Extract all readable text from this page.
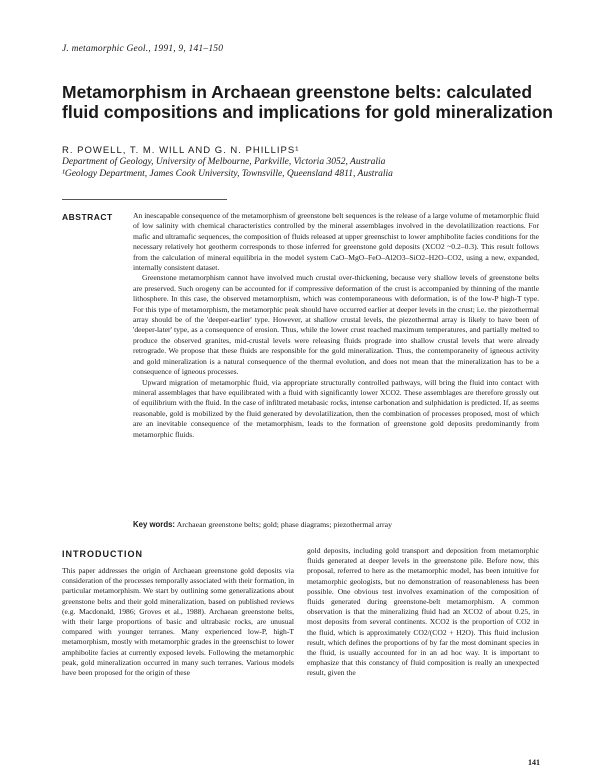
J. metamorphic Geol., 1991, 9, 141–150
Metamorphism in Archaean greenstone belts: calculated fluid compositions and implications for gold mineralization
R. POWELL, T. M. WILL AND G. N. PHILLIPS¹
Department of Geology, University of Melbourne, Parkville, Victoria 3052, Australia
¹Geology Department, James Cook University, Townsville, Queensland 4811, Australia
ABSTRACT	An inescapable consequence of the metamorphism of greenstone belt sequences is the release of a large volume of metamorphic fluid of low salinity with chemical characteristics controlled by the mineral assemblages involved in the devolatilization reactions. For mafic and ultramafic sequences, the composition of fluids released at upper greenschist to lower amphibolite facies conditions for the necessary relatively hot geotherm corresponds to those inferred for greenstone gold deposits (XCO2 ~0.2–0.3). This result follows from the calculation of mineral equilibria in the model system CaO–MgO–FeO–Al2O3–SiO2–H2O–CO2, using a new, expanded, internally consistent dataset.

Greenstone metamorphism cannot have involved much crustal over-thickening, because very shallow levels of greenstone belts are preserved. Such orogeny can be accounted for if compressive deformation of the crust is accompanied by thinning of the mantle lithosphere. In this case, the observed metamorphism, which was contemporaneous with deformation, is of the low-P high-T type. For this type of metamorphism, the metamorphic peak should have occurred earlier at deeper levels in the crust; i.e. the piezothermal array should be of the 'deeper-earlier' type. However, at shallow crustal levels, the piezothermal array is likely to have been of 'deeper-later' type, as a consequence of erosion. Thus, while the lower crust reached maximum temperatures, and partially melted to produce the observed granites, mid-crustal levels were releasing fluids prograde into shallow crustal levels that were already retrograde. We propose that these fluids are responsible for the gold mineralization. Thus, the contemporaneity of igneous activity and gold mineralization is a natural consequence of the thermal evolution, and does not mean that the mineralization has to be a consequence of igneous processes.

Upward migration of metamorphic fluid, via appropriate structurally controlled pathways, will bring the fluid into contact with mineral assemblages that have equilibrated with a fluid with significantly lower XCO2. These assemblages are therefore grossly out of equilibrium with the fluid. In the case of infiltrated metabasic rocks, intense carbonation and sulphidation is predicted. If, as seems reasonable, gold is mobilized by the fluid generated by devolatilization, then the combination of processes proposed, most of which are an inevitable consequence of the metamorphism, leads to the formation of greenstone gold deposits predominantly from metamorphic fluids.

Key words: Archaean greenstone belts; gold; phase diagrams; piezothermal array
INTRODUCTION

This paper addresses the origin of Archaean greenstone gold deposits via consideration of the processes temporally associated with their formation, in particular metamorphism. We start by outlining some generalizations about greenstone belts and their gold mineralization, based on published reviews (e.g. Macdonald, 1986; Groves et al., 1988). Archaean greenstone belts, with their large proportions of basic and ultrabasic rocks, are unusual compared with younger terranes. Many experienced low-P, high-T metamorphism, mostly with metamorphic grades in the greenschist to lower amphibolite facies at currently exposed levels. Following the metamorphic peak, gold mineralization occurred in many such terranes. Various models have been proposed for the origin of these

gold deposits, including gold transport and deposition from metamorphic fluids generated at deeper levels in the greenstone pile. Before now, this proposal, referred to here as the metamorphic model, has been intuitive for metamorphic geologists, but no demonstration of reasonableness has been possible. One obvious test involves examination of the composition of fluids generated during greenstone-belt metamorphism. A common observation is that the mineralizing fluid had an XCO2 of about 0.25, in most deposits from several continents. XCO2 is the proportion of CO2 in the fluid, which is approximately CO2/(CO2 + H2O). This fluid inclusion result, which defines the proportions of by far the most dominant species in the fluid, is usually accounted for in an ad hoc way. It is important to emphasize that this constancy of fluid composition is really an unexpected result, given the

141
